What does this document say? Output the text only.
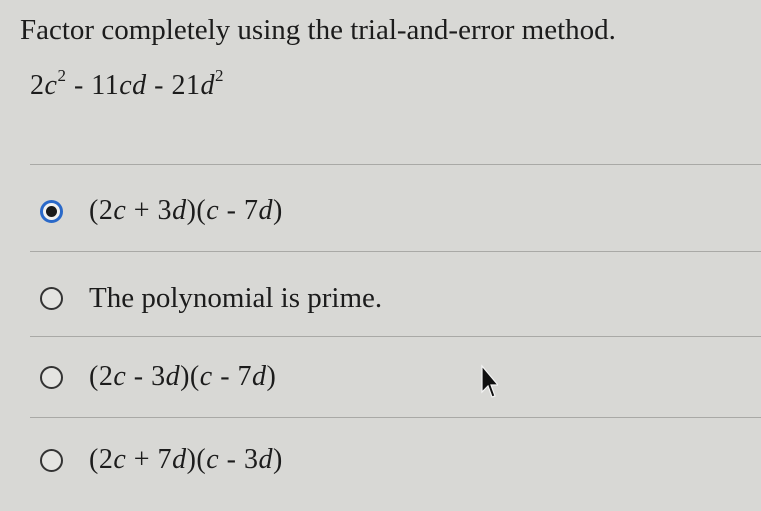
Factor completely using the trial-and-error method.
$2c^2 - 11cd - 21d^2$
(2c + 3d)(c - 7d)
The polynomial is prime.
(2c - 3d)(c - 7d)
(2c + 7d)(c - 3d)
